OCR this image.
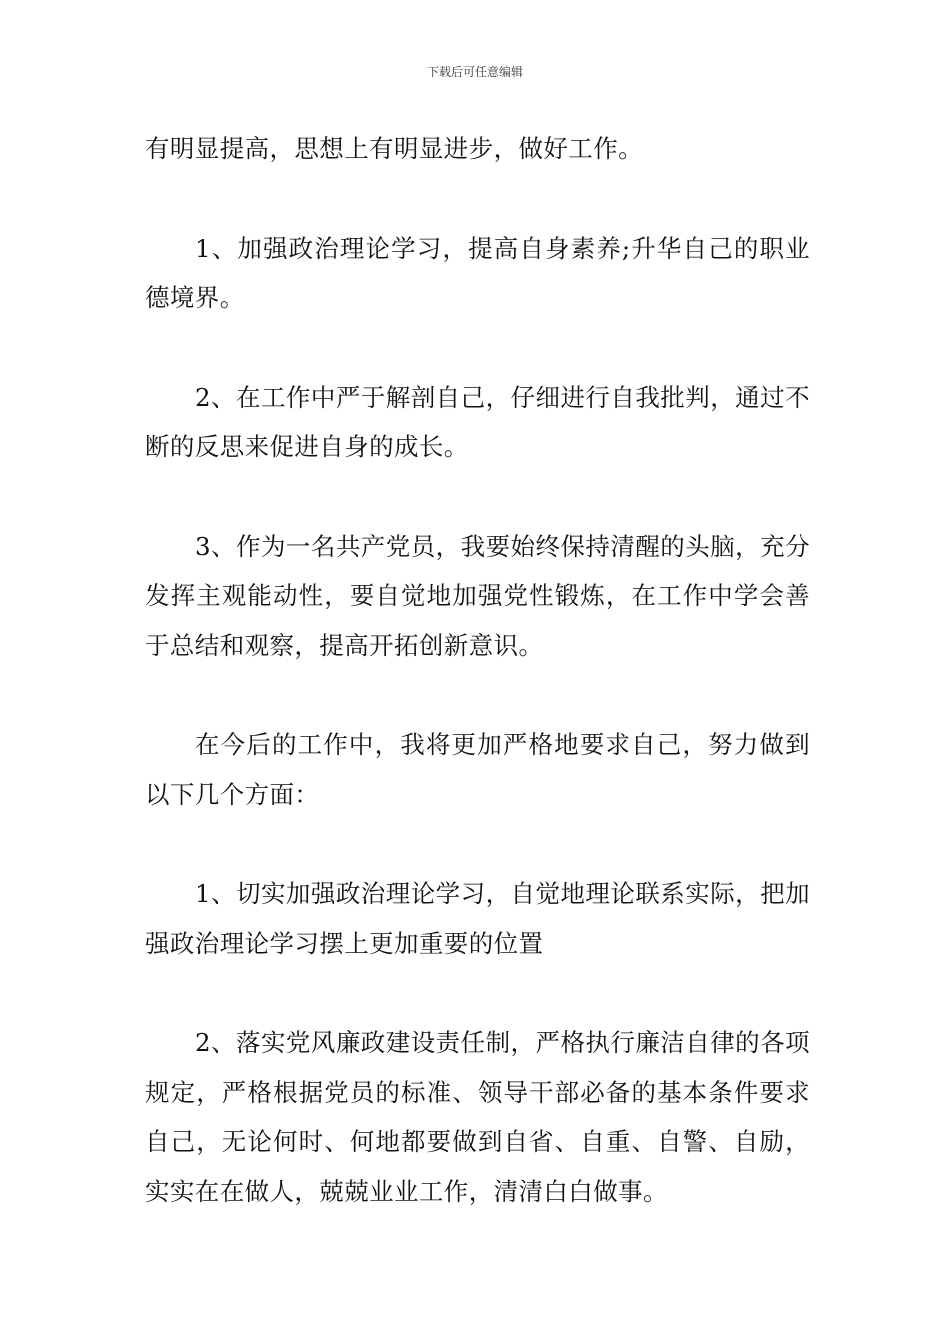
下载后可任意编辑

有明显提高，思想上有明显进步，做好工作。

1、加强政治理论学习，提高自身素养;升华自己的职业德境界。

2、在工作中严于解剖自己，仔细进行自我批判，通过不断的反思来促进自身的成长。

3、作为一名共产党员，我要始终保持清醒的头脑，充分发挥主观能动性，要自觉地加强党性锻炼，在工作中学会善于总结和观察，提高开拓创新意识。

在今后的工作中，我将更加严格地要求自己，努力做到以下几个方面：

1、切实加强政治理论学习，自觉地理论联系实际，把加强政治理论学习摆上更加重要的位置

2、落实党风廉政建设责任制，严格执行廉洁自律的各项规定，严格根据党员的标准、领导干部必备的基本条件要求自己，无论何时、何地都要做到自省、自重、自警、自励，实实在在做人，兢兢业业工作，清清白白做事。
